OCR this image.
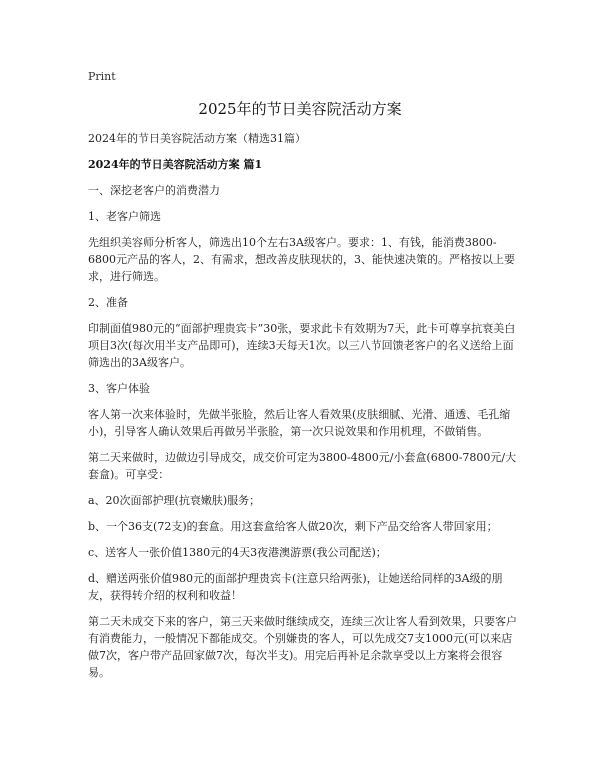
Print
2025年的节日美容院活动方案

2024年的节日美容院活动方案（精选31篇）

2024年的节日美容院活动方案 篇1

一、深挖老客户的消费潜力

1、老客户筛选

先组织美容师分析客人，筛选出10个左右3A级客户。要求：1、有钱，能消费3800-6800元产品的客人，2、有需求，想改善皮肤现状的，3、能快速决策的。严格按以上要求，进行筛选。

2、准备

印制面值980元的“面部护理贵宾卡”30张，要求此卡有效期为7天，此卡可尊享抗衰美白项目3次(每次用半支产品即可)，连续3天每天1次。以三八节回馈老客户的名义送给上面筛选出的3A级客户。

3、客户体验

客人第一次来体验时，先做半张脸，然后让客人看效果(皮肤细腻、光滑、通透、毛孔缩小)，引导客人确认效果后再做另半张脸，第一次只说效果和作用机理，不做销售。

第二天来做时，边做边引导成交，成交价可定为3800-4800元/小套盒(6800-7800元/大套盒)。可享受：

a、20次面部护理(抗衰嫩肤)服务；

b、一个36支(72支)的套盒。用这套盒给客人做20次，剩下产品交给客人带回家用；

c、送客人一张价值1380元的4天3夜港澳游票(我公司配送)；

d、赠送两张价值980元的面部护理贵宾卡(注意只给两张)，让她送给同样的3A级的朋友，获得转介绍的权利和收益！

第二天未成交下来的客户，第三天来做时继续成交，连续三次让客人看到效果，只要客户有消费能力，一般情况下都能成交。个别嫌贵的客人，可以先成交7支1000元(可以来店做7次，客户带产品回家做7次，每次半支)。用完后再补足余款享受以上方案将会很容易。
